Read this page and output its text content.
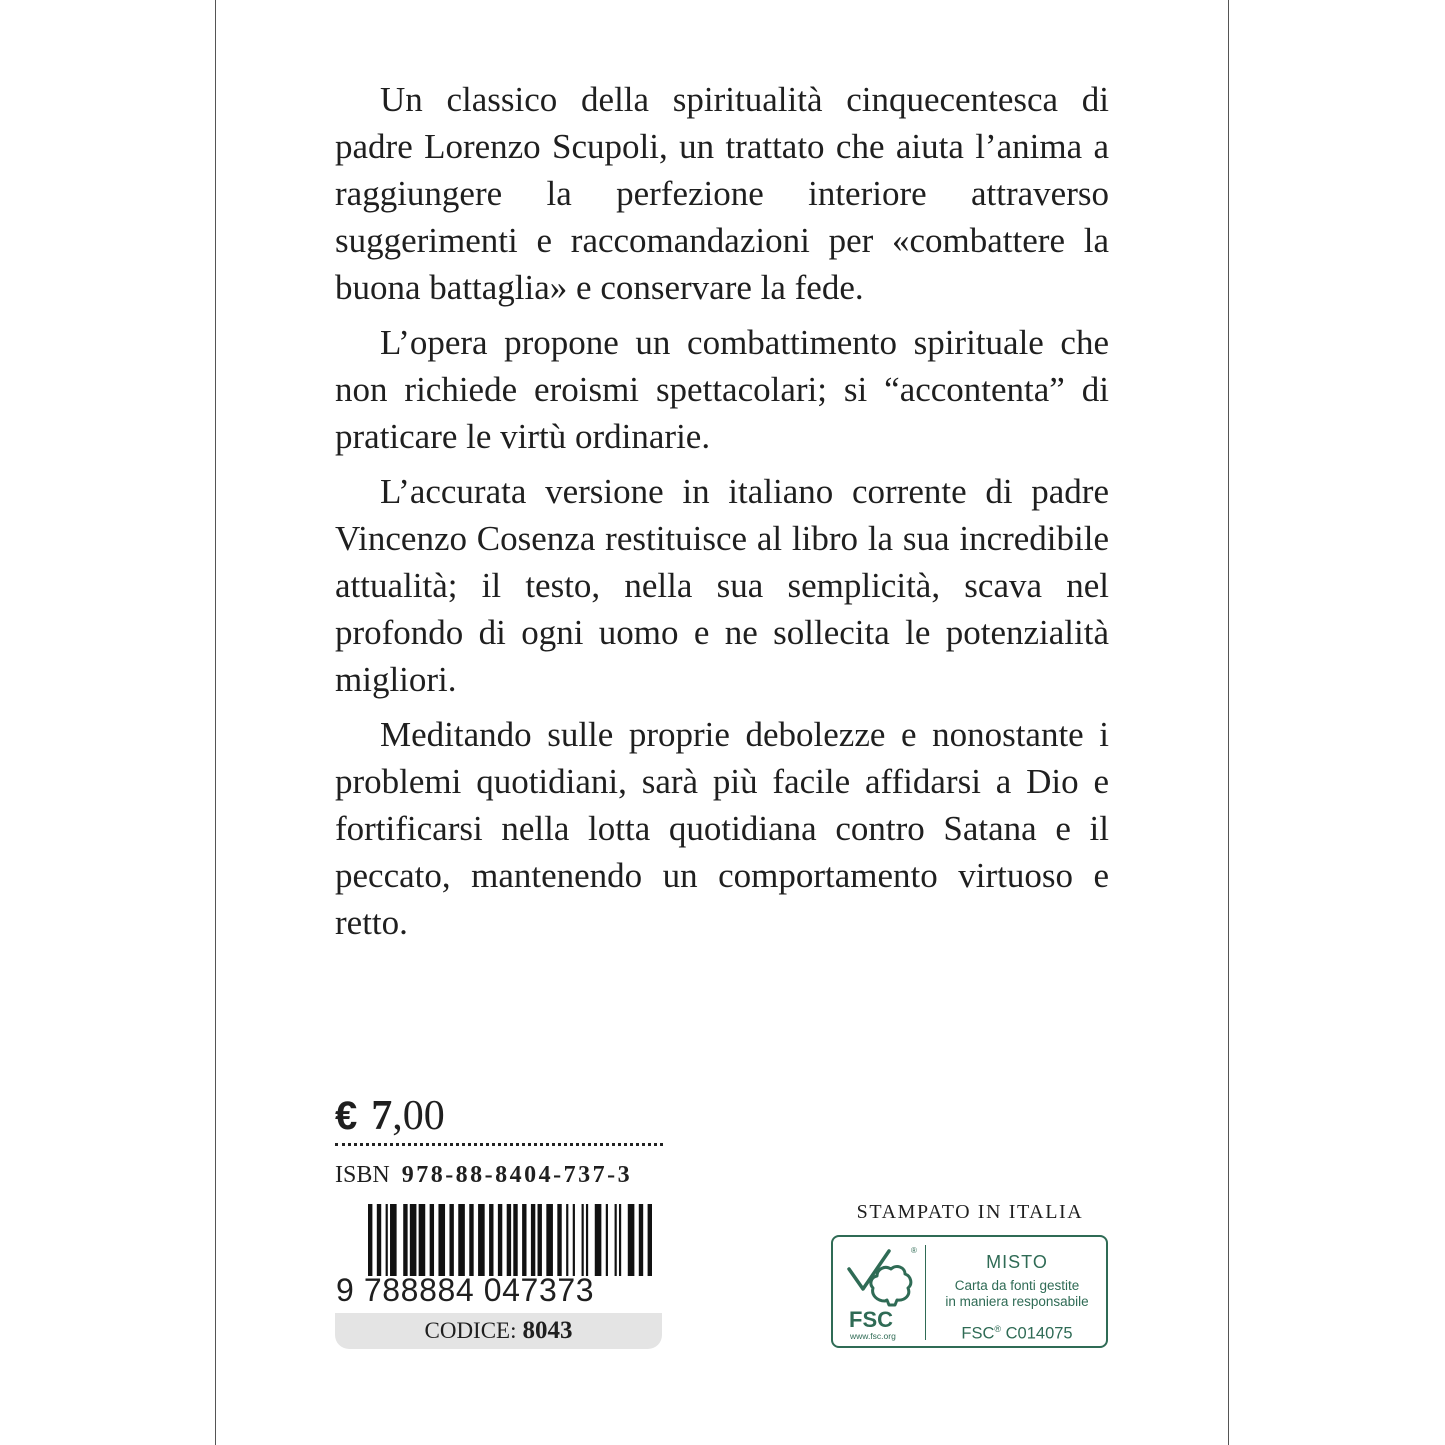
Un classico della spiritualità cinquecentesca di padre Lorenzo Scupoli, un trattato che aiuta l’anima a raggiungere la perfezione interiore attraverso suggerimenti e raccomandazioni per «combattere la buona battaglia» e conservare la fede.

L’opera propone un combattimento spirituale che non richiede eroismi spettacolari; si “accontenta” di praticare le virtù ordinarie.

L’accurata versione in italiano corrente di padre Vincenzo Cosenza restituisce al libro la sua incredibile attualità; il testo, nella sua semplicità, scava nel profondo di ogni uomo e ne sollecita le potenzialità migliori.

Meditando sulle proprie debolezze e nonostante i problemi quotidiani, sarà più facile affidarsi a Dio e fortificarsi nella lotta quotidiana contro Satana e il peccato, mantenendo un comportamento virtuoso e retto.

€ 7,00
ISBN 978-88-8404-737-3
9 788884 047373
CODICE: 8043
STAMPATO IN ITALIA
®
FSC
www.fsc.org
MISTO
Carta da fonti gestite
in maniera responsabile
FSC® C014075
